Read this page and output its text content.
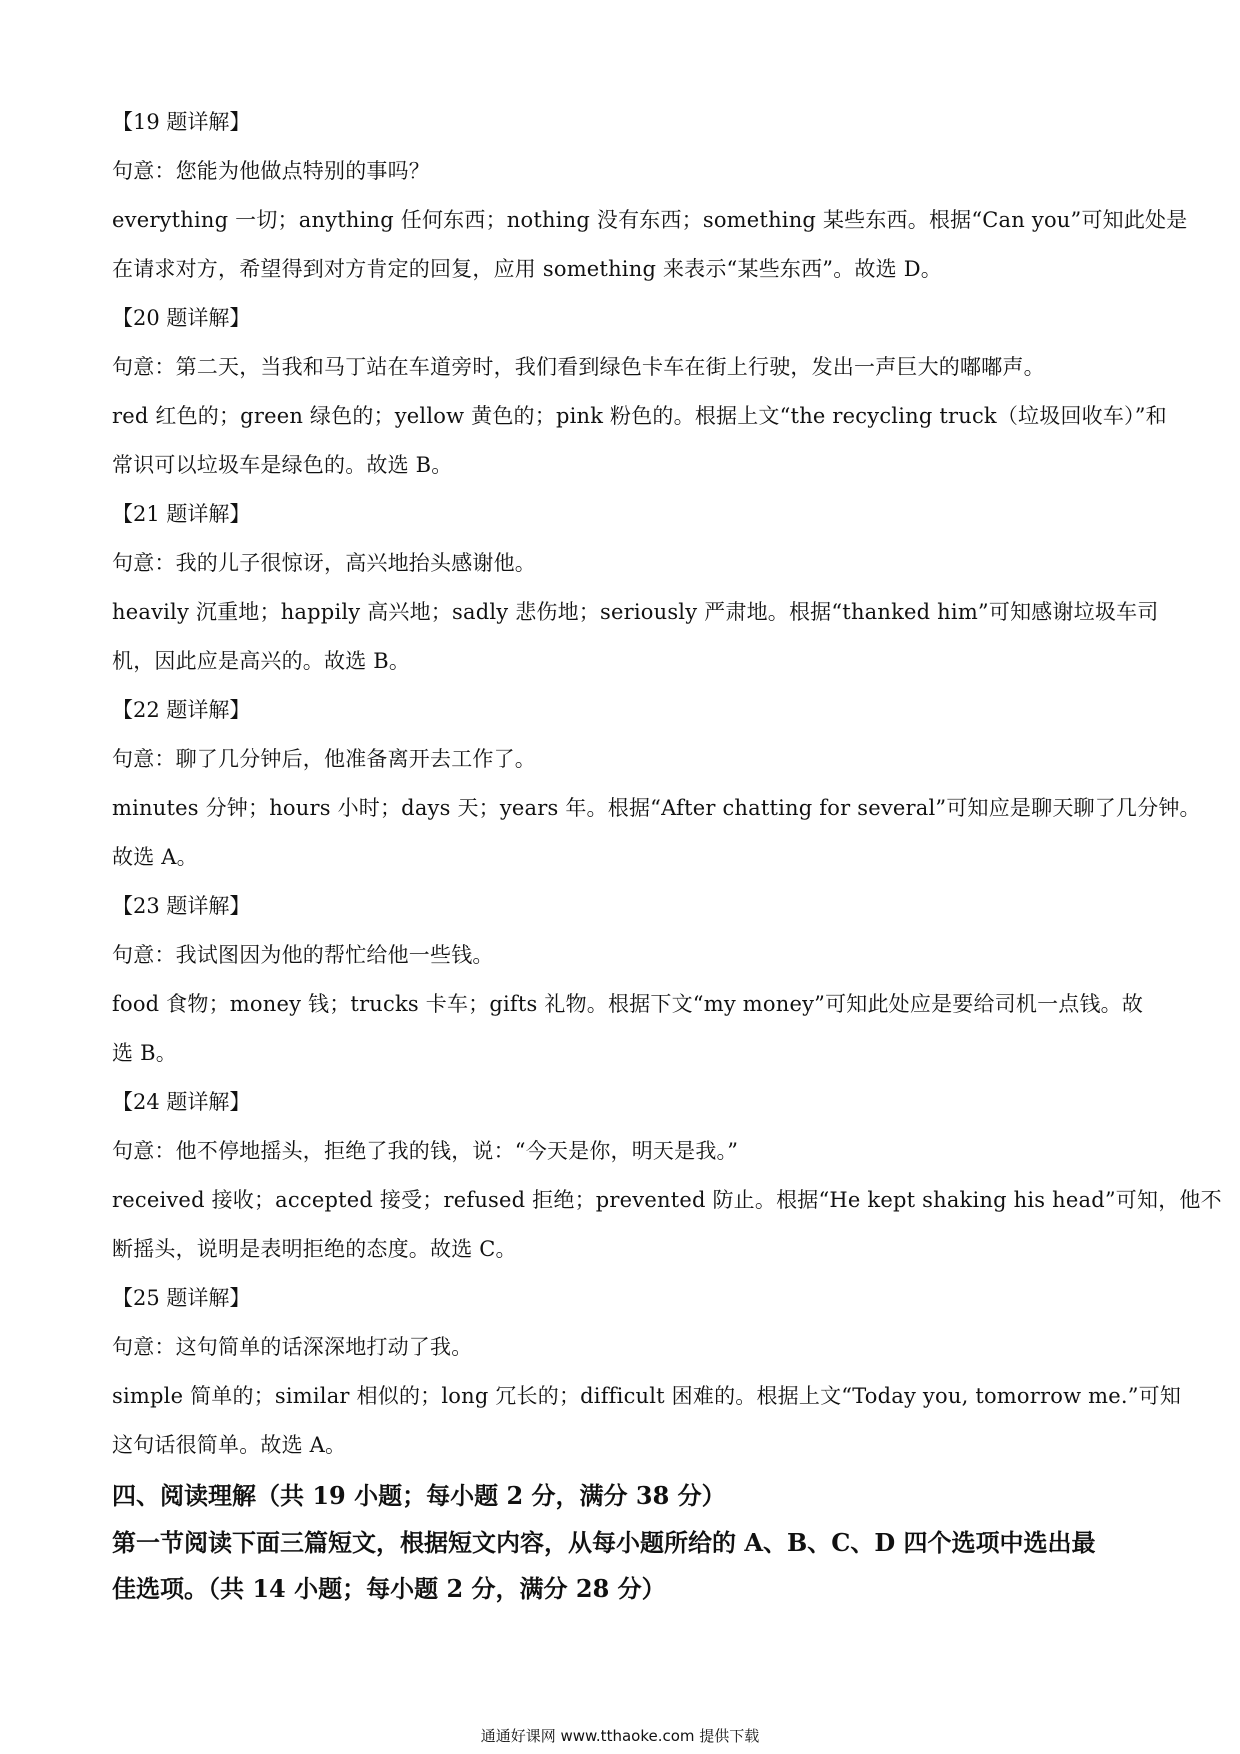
【19 题详解】
句意：您能为他做点特别的事吗？
everything 一切；anything 任何东西；nothing 没有东西；something 某些东西。根据“Can you”可知此处是
在请求对方，希望得到对方肯定的回复，应用 something 来表示“某些东西”。故选 D。
【20 题详解】
句意：第二天，当我和马丁站在车道旁时，我们看到绿色卡车在街上行驶，发出一声巨大的嘟嘟声。
red 红色的；green 绿色的；yellow 黄色的；pink 粉色的。根据上文“the recycling truck（垃圾回收车）”和
常识可以垃圾车是绿色的。故选 B。
【21 题详解】
句意：我的儿子很惊讶，高兴地抬头感谢他。
heavily 沉重地；happily 高兴地；sadly 悲伤地；seriously 严肃地。根据“thanked him”可知感谢垃圾车司
机，因此应是高兴的。故选 B。
【22 题详解】
句意：聊了几分钟后，他准备离开去工作了。
minutes 分钟；hours 小时；days 天；years 年。根据“After chatting for several”可知应是聊天聊了几分钟。
故选 A。
【23 题详解】
句意：我试图因为他的帮忙给他一些钱。
food 食物；money 钱；trucks 卡车；gifts 礼物。根据下文“my money”可知此处应是要给司机一点钱。故
选 B。
【24 题详解】
句意：他不停地摇头，拒绝了我的钱，说：“今天是你，明天是我。”
received 接收；accepted 接受；refused 拒绝；prevented 防止。根据“He kept shaking his head”可知，他不
断摇头，说明是表明拒绝的态度。故选 C。
【25 题详解】
句意：这句简单的话深深地打动了我。
simple 简单的；similar 相似的；long 冗长的；difficult 困难的。根据上文“Today you, tomorrow me.”可知
这句话很简单。故选 A。
四、阅读理解（共 19 小题；每小题 2 分，满分 38 分）
第一节阅读下面三篇短文，根据短文内容，从每小题所给的 A、B、C、D 四个选项中选出最
佳选项。（共 14 小题；每小题 2 分，满分 28 分）
通通好课网 www.tthaoke.com 提供下载
